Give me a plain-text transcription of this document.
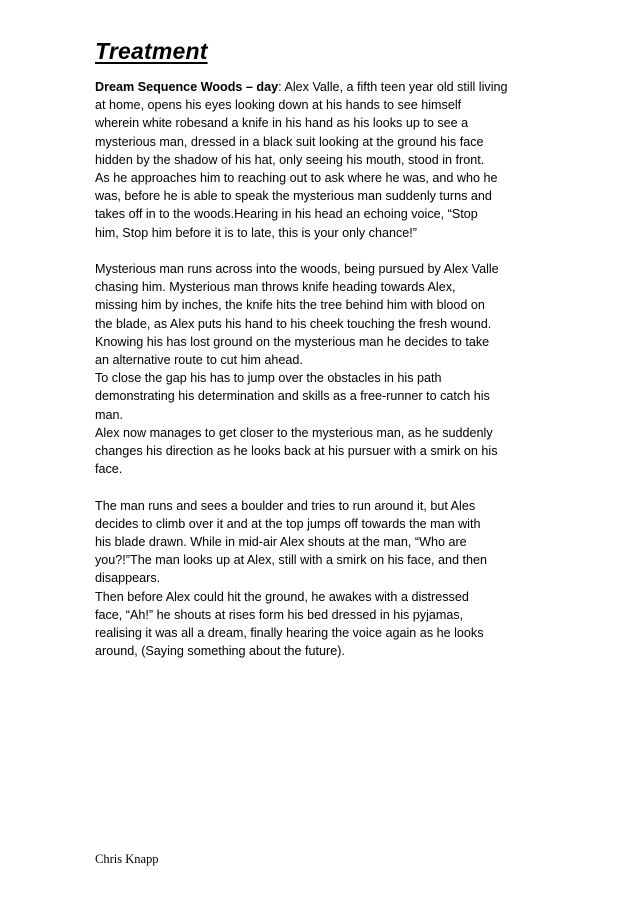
Treatment
Dream Sequence Woods – day: Alex Valle, a fifth teen year old still living
at home, opens his eyes looking down at his hands to see himself
wherein white robesand a knife in his hand as his looks up to see a
mysterious man, dressed in a black suit looking at the ground his face
hidden by the shadow of his hat, only seeing his mouth, stood in front.
As he approaches him to reaching out to ask where he was, and who he
was, before he is able to speak the mysterious man suddenly turns and
takes off in to the woods.Hearing in his head an echoing voice, “Stop
him, Stop him before it is to late, this is your only chance!”
Mysterious man runs across into the woods, being pursued by Alex Valle
chasing him. Mysterious man throws knife heading towards Alex,
missing him by inches, the knife hits the tree behind him with blood on
the blade, as Alex puts his hand to his cheek touching the fresh wound.
Knowing his has lost ground on the mysterious man he decides to take
an alternative route to cut him ahead.
To close the gap his has to jump over the obstacles in his path
demonstrating his determination and skills as a free-runner to catch his
man.
Alex now manages to get closer to the mysterious man, as he suddenly
changes his direction as he looks back at his pursuer with a smirk on his
face.
The man runs and sees a boulder and tries to run around it, but Ales
decides to climb over it and at the top jumps off towards the man with
his blade drawn. While in mid-air Alex shouts at the man, “Who are
you?!”The man looks up at Alex, still with a smirk on his face, and then
disappears.
Then before Alex could hit the ground, he awakes with a distressed
face, “Ah!” he shouts at rises form his bed dressed in his pyjamas,
realising it was all a dream, finally hearing the voice again as he looks
around, (Saying something about the future).
Chris Knapp
